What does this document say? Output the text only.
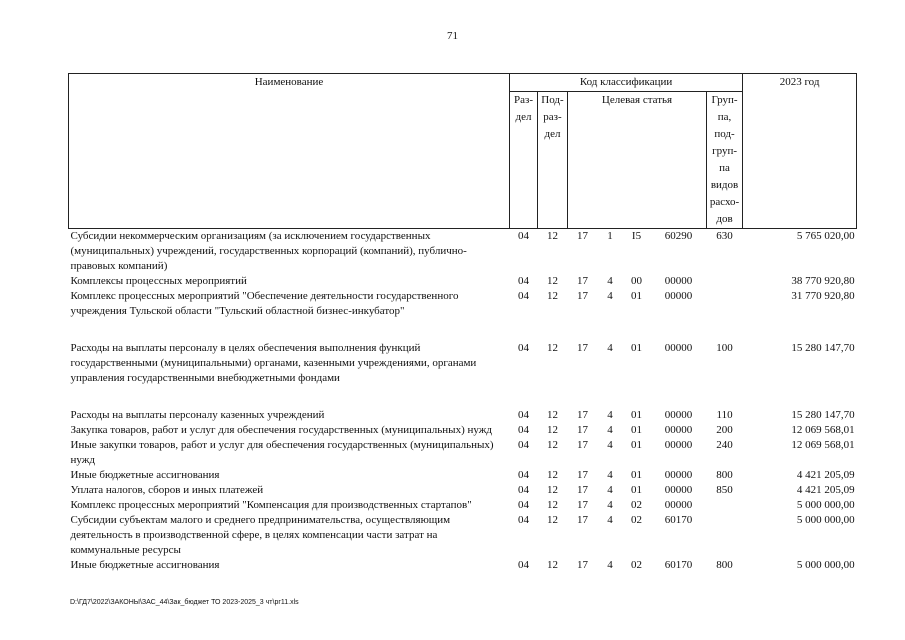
71
Наименование	Код классификации							2023 год
	Раз- дел	Под- раз- дел	Целевая статья				Груп- па, под- груп- па видов расхо- дов	
Субсидии некоммерческим организациям (за исключением государственных (муниципальных) учреждений, государственных корпораций (компаний), публично-правовых компаний)	04	12	17	1	I5	60290	630	5 765 020,00
Комплексы процессных мероприятий	04	12	17	4	00	00000		38 770 920,80
Комплекс процессных мероприятий "Обеспечение деятельности государственного учреждения Тульской области "Тульский областной бизнес-инкубатор"	04	12	17	4	01	00000		31 770 920,80

Расходы на выплаты персоналу в целях обеспечения выполнения функций государственными (муниципальными) органами, казенными учреждениями, органами управления государственными внебюджетными фондами	04	12	17	4	01	00000	100	15 280 147,70

Расходы на выплаты персоналу казенных учреждений	04	12	17	4	01	00000	110	15 280 147,70
Закупка товаров, работ и услуг для обеспечения государственных (муниципальных) нужд	04	12	17	4	01	00000	200	12 069 568,01
Иные закупки товаров, работ и услуг для обеспечения государственных (муниципальных) нужд	04	12	17	4	01	00000	240	12 069 568,01
Иные бюджетные ассигнования	04	12	17	4	01	00000	800	4 421 205,09
Уплата налогов, сборов и иных платежей	04	12	17	4	01	00000	850	4 421 205,09
Комплекс процессных мероприятий "Компенсация для производственных стартапов"	04	12	17	4	02	00000		5 000 000,00
Субсидии субъектам малого и среднего предпринимательства, осуществляющим деятельность в производственной сфере, в целях компенсации части затрат на коммунальные ресурсы	04	12	17	4	02	60170		5 000 000,00
Иные бюджетные ассигнования	04	12	17	4	02	60170	800	5 000 000,00
D:\ГД7\2022\ЗАКОНЫ\ЗАС_44\Зак_бюджет ТО 2023-2025_3 чт\рг11.xls
